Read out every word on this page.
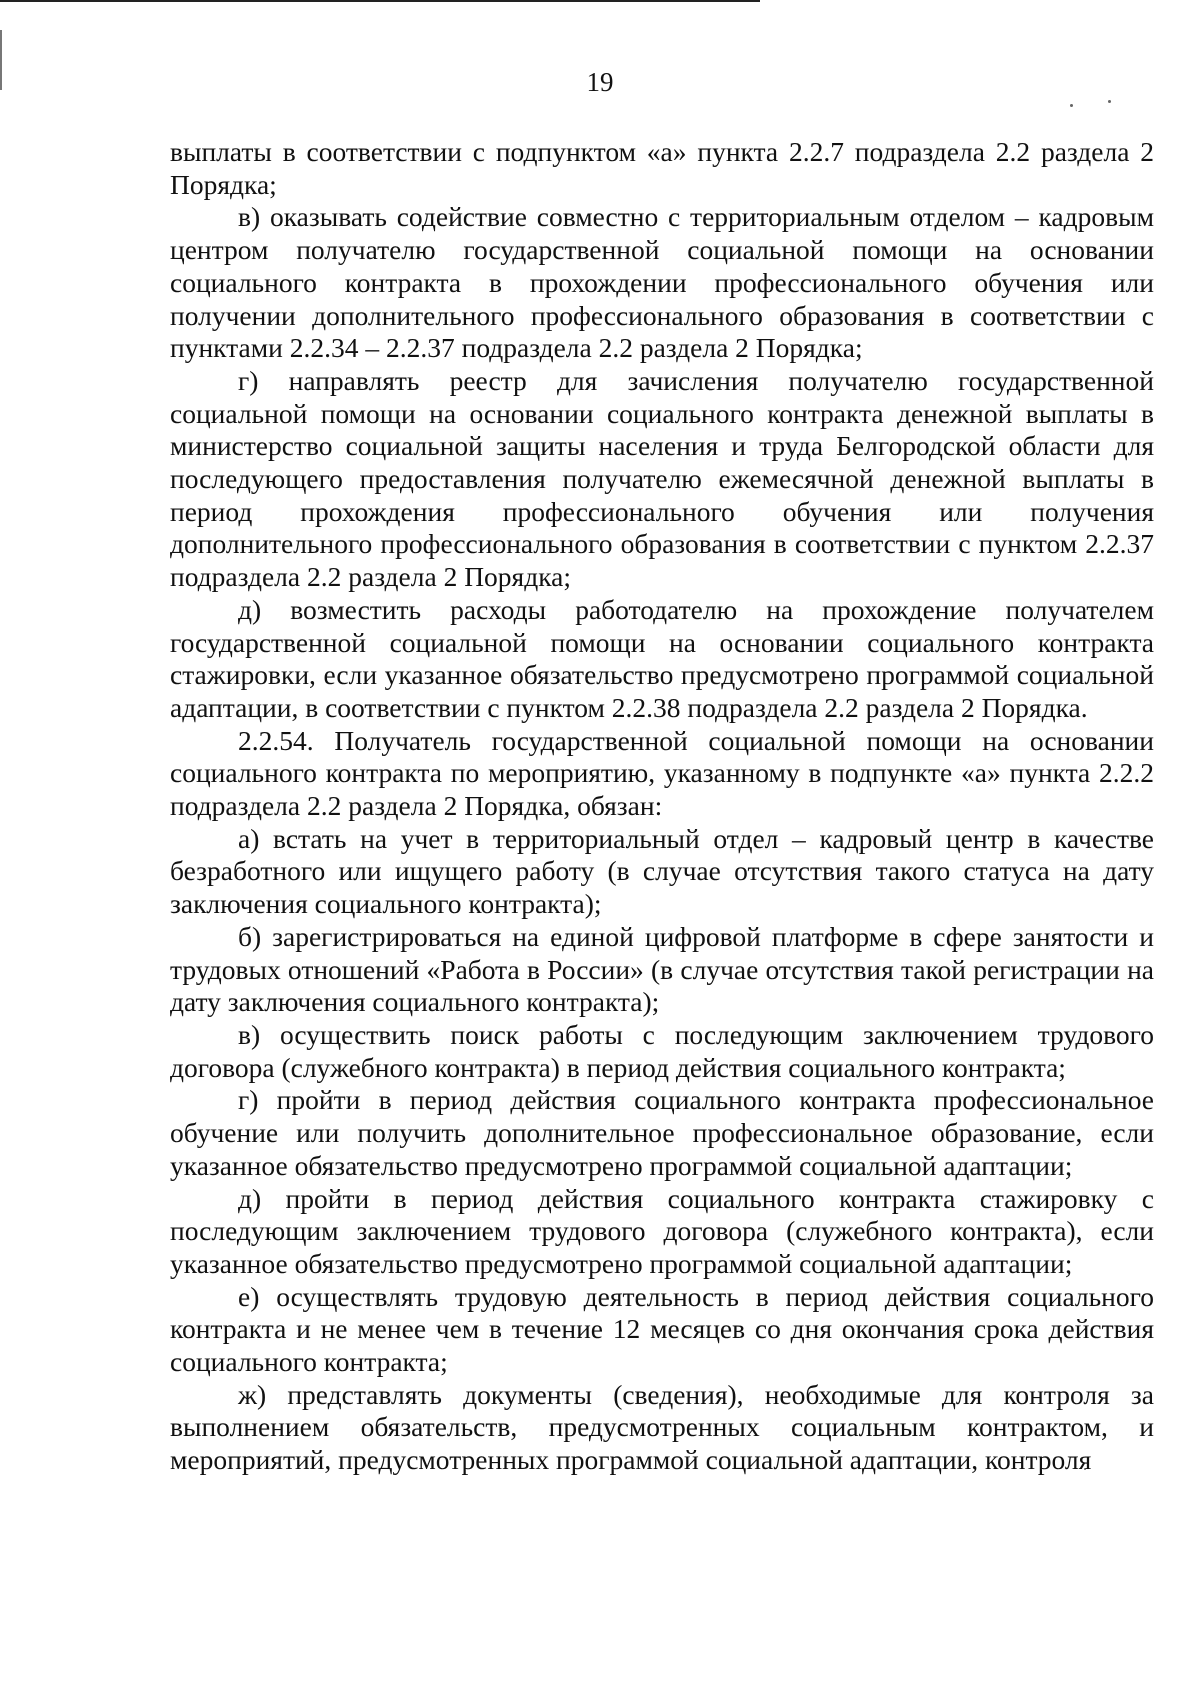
19

выплаты в соответствии с подпунктом «а» пункта 2.2.7 подраздела 2.2 раздела 2 Порядка;

в) оказывать содействие совместно с территориальным отделом – кадровым центром получателю государственной социальной помощи на основании социального контракта в прохождении профессионального обучения или получении дополнительного профессионального образования в соответствии с пунктами 2.2.34 – 2.2.37 подраздела 2.2 раздела 2 Порядка;

г) направлять реестр для зачисления получателю государственной социальной помощи на основании социального контракта денежной выплаты в министерство социальной защиты населения и труда Белгородской области для последующего предоставления получателю ежемесячной денежной выплаты в период прохождения профессионального обучения или получения дополнительного профессионального образования в соответствии с пунктом 2.2.37 подраздела 2.2 раздела 2 Порядка;

д) возместить расходы работодателю на прохождение получателем государственной социальной помощи на основании социального контракта стажировки, если указанное обязательство предусмотрено программой социальной адаптации, в соответствии с пунктом 2.2.38 подраздела 2.2 раздела 2 Порядка.

2.2.54. Получатель государственной социальной помощи на основании социального контракта по мероприятию, указанному в подпункте «а» пункта 2.2.2 подраздела 2.2 раздела 2 Порядка, обязан:

а) встать на учет в территориальный отдел – кадровый центр в качестве безработного или ищущего работу (в случае отсутствия такого статуса на дату заключения социального контракта);

б) зарегистрироваться на единой цифровой платформе в сфере занятости и трудовых отношений «Работа в России» (в случае отсутствия такой регистрации на дату заключения социального контракта);

в) осуществить поиск работы с последующим заключением трудового договора (служебного контракта) в период действия социального контракта;

г) пройти в период действия социального контракта профессиональное обучение или получить дополнительное профессиональное образование, если указанное обязательство предусмотрено программой социальной адаптации;

д) пройти в период действия социального контракта стажировку с последующим заключением трудового договора (служебного контракта), если указанное обязательство предусмотрено программой социальной адаптации;

е) осуществлять трудовую деятельность в период действия социального контракта и не менее чем в течение 12 месяцев со дня окончания срока действия социального контракта;

ж) представлять документы (сведения), необходимые для контроля за выполнением обязательств, предусмотренных социальным контрактом, и мероприятий, предусмотренных программой социальной адаптации, контроля
